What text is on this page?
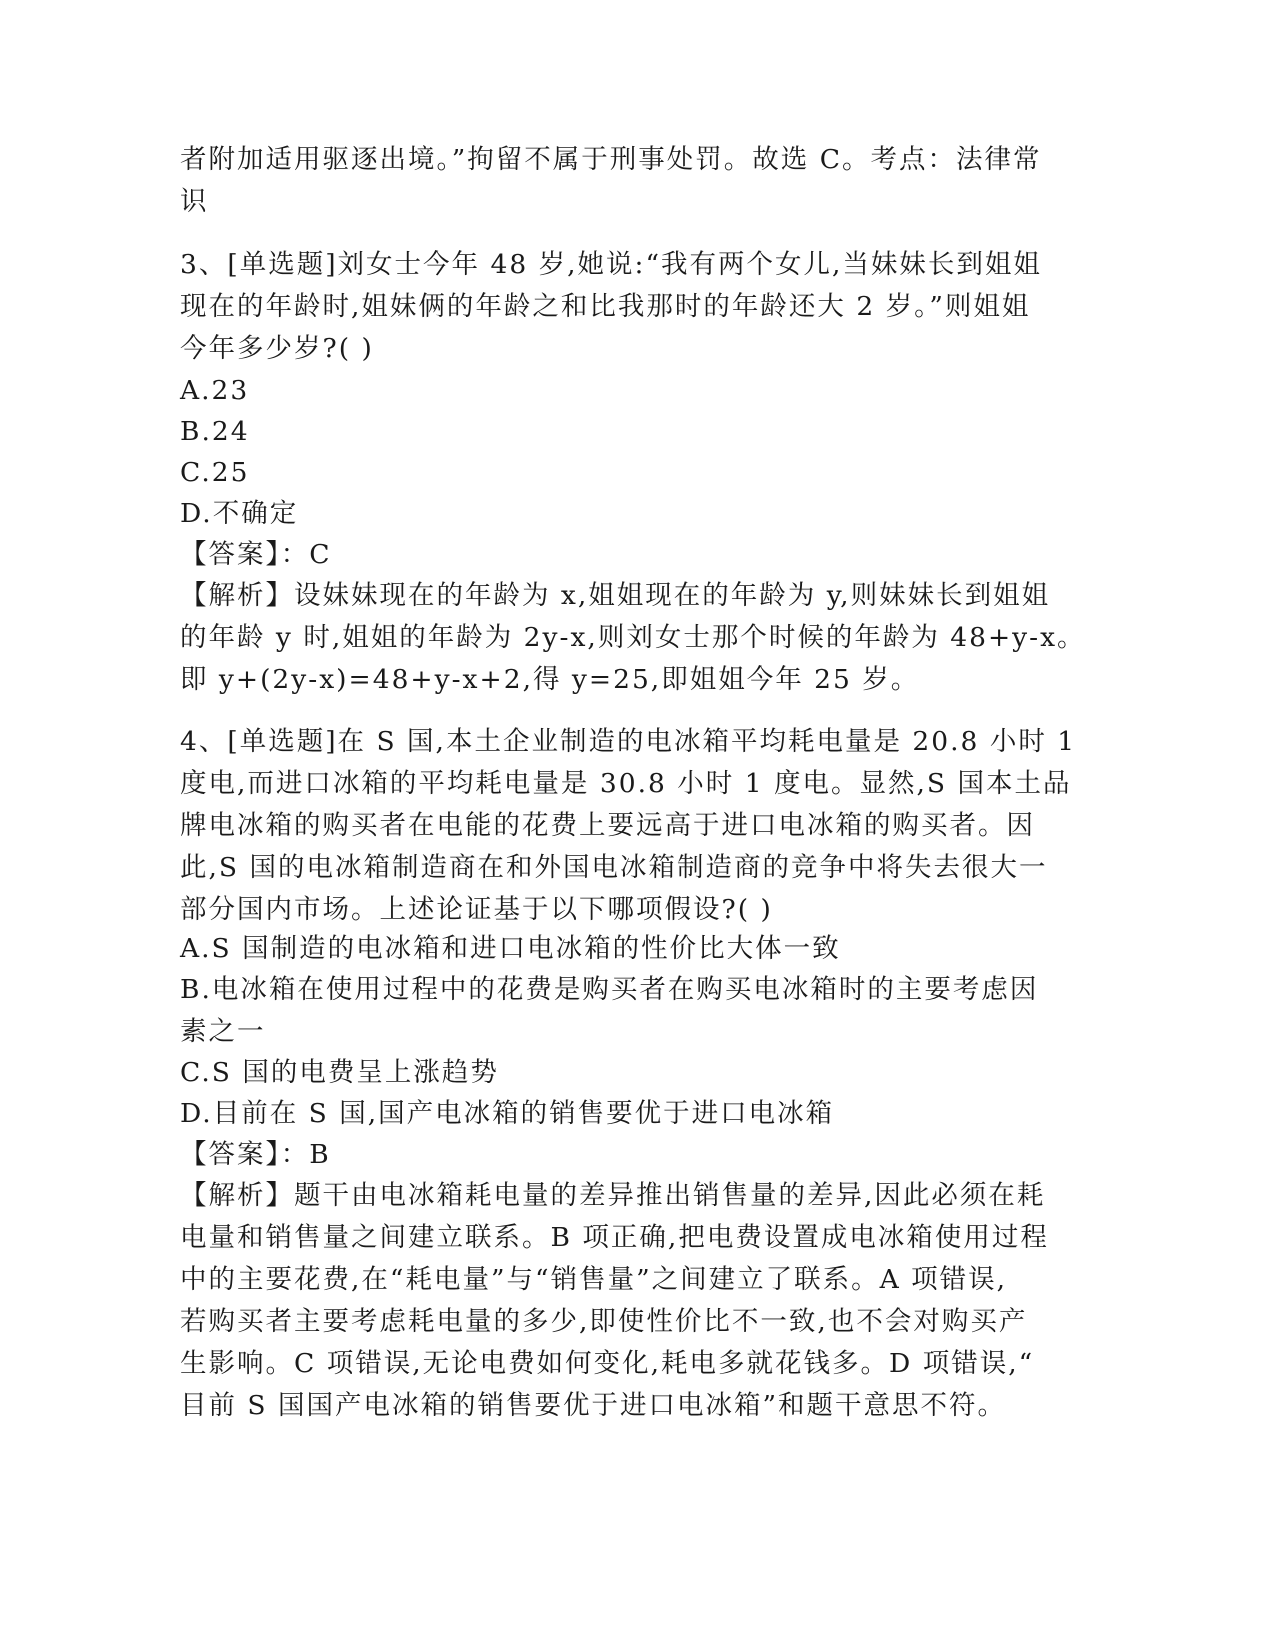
者附加适用驱逐出境。”拘留不属于刑事处罚。故选 C。考点：法律常
识
3、[单选题]刘女士今年 48 岁,她说:“我有两个女儿,当妹妹长到姐姐
现在的年龄时,姐妹俩的年龄之和比我那时的年龄还大 2 岁。”则姐姐
今年多少岁?( )
A.23
B.24
C.25
D.不确定
【答案】：C
【解析】设妹妹现在的年龄为 x,姐姐现在的年龄为 y,则妹妹长到姐姐
的年龄 y 时,姐姐的年龄为 2y-x,则刘女士那个时候的年龄为 48+y-x。
即 y+(2y-x)=48+y-x+2,得 y=25,即姐姐今年 25 岁。
4、[单选题]在 S 国,本土企业制造的电冰箱平均耗电量是 20.8 小时 1
度电,而进口冰箱的平均耗电量是 30.8 小时 1 度电。显然,S 国本土品
牌电冰箱的购买者在电能的花费上要远高于进口电冰箱的购买者。因
此,S 国的电冰箱制造商在和外国电冰箱制造商的竞争中将失去很大一
部分国内市场。上述论证基于以下哪项假设?( )
A.S 国制造的电冰箱和进口电冰箱的性价比大体一致
B.电冰箱在使用过程中的花费是购买者在购买电冰箱时的主要考虑因
素之一
C.S 国的电费呈上涨趋势
D.目前在 S 国,国产电冰箱的销售要优于进口电冰箱
【答案】：B
【解析】题干由电冰箱耗电量的差异推出销售量的差异,因此必须在耗
电量和销售量之间建立联系。B 项正确,把电费设置成电冰箱使用过程
中的主要花费,在“耗电量”与“销售量”之间建立了联系。A 项错误,
若购买者主要考虑耗电量的多少,即使性价比不一致,也不会对购买产
生影响。C 项错误,无论电费如何变化,耗电多就花钱多。D 项错误,“
目前 S 国国产电冰箱的销售要优于进口电冰箱”和题干意思不符。
